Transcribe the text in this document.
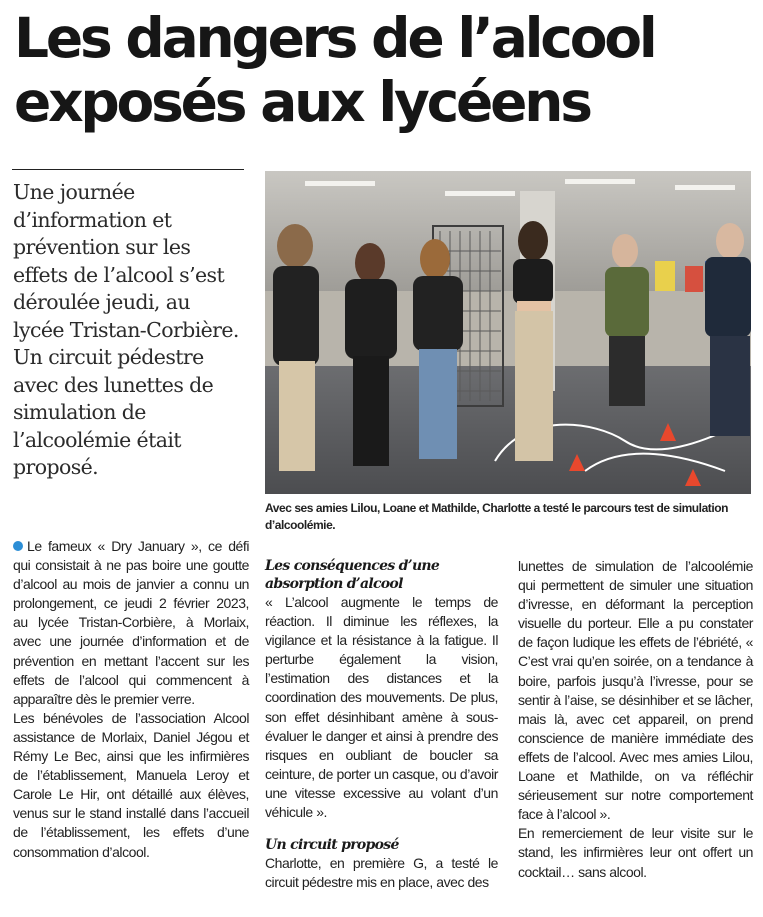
Les dangers de l’alcool
exposés aux lycéens
Une journée d’information et prévention sur les effets de l’alcool s’est déroulée jeudi, au lycée Tristan-Corbière. Un circuit pédestre avec des lunettes de simulation de l’alcoolémie était proposé.
Avec ses amies Lilou, Loane et Mathilde, Charlotte a testé le parcours test de simulation d’alcoolémie.

Le fameux « Dry January », ce défi qui consistait à ne pas boire une goutte d’alcool au mois de janvier a connu un prolongement, ce jeudi 2 février 2023, au lycée Tristan-Corbière, à Morlaix, avec une journée d’information et de prévention en mettant l’accent sur les effets de l’alcool qui commencent à apparaître dès le premier verre.

Les bénévoles de l’association Alcool assistance de Morlaix, Daniel Jégou et Rémy Le Bec, ainsi que les infirmières de l’établissement, Manuela Leroy et Carole Le Hir, ont détaillé aux élèves, venus sur le stand installé dans l’accueil de l’établissement, les effets d’une consommation d’alcool.

Les conséquences d’une absorption d’alcool

« L’alcool augmente le temps de réaction. Il diminue les réflexes, la vigilance et la résistance à la fatigue. Il perturbe également la vision, l’estimation des distances et la coordination des mouvements. De plus, son effet désinhibant amène à sous-évaluer le danger et ainsi à prendre des risques en oubliant de boucler sa ceinture, de porter un casque, ou d’avoir une vitesse excessive au volant d’un véhicule ».

Un circuit proposé

Charlotte, en première G, a testé le circuit pédestre mis en place, avec des

lunettes de simulation de l’alcoolémie qui permettent de simuler une situation d’ivresse, en déformant la perception visuelle du porteur. Elle a pu constater de façon ludique les effets de l’ébriété, « C’est vrai qu’en soirée, on a tendance à boire, parfois jusqu’à l’ivresse, pour se sentir à l’aise, se désinhiber et se lâcher, mais là, avec cet appareil, on prend conscience de manière immédiate des effets de l’alcool. Avec mes amies Lilou, Loane et Mathilde, on va réfléchir sérieusement sur notre comportement face à l’alcool ».

En remerciement de leur visite sur le stand, les infirmières leur ont offert un cocktail… sans alcool.
